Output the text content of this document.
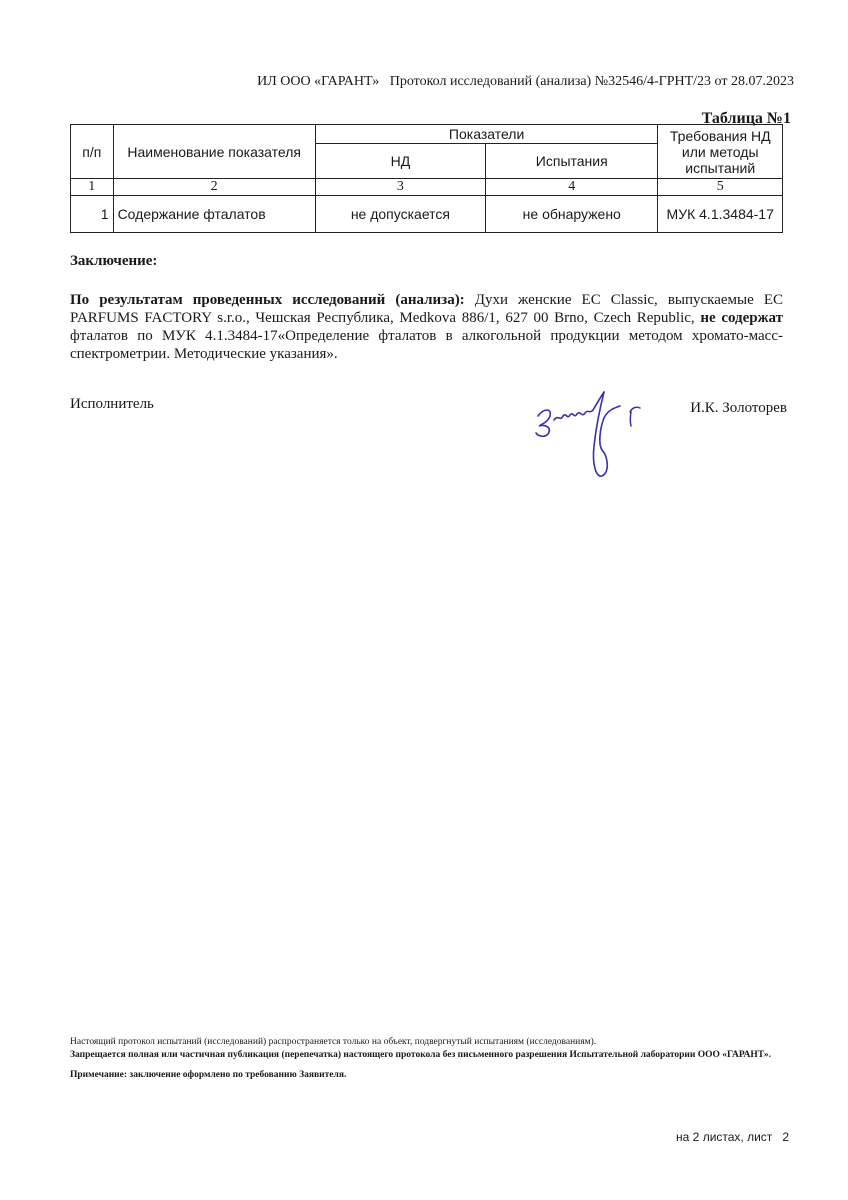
ИЛ ООО «ГАРАНТ» Протокол исследований (анализа) №32546/4-ГРНТ/23 от 28.07.2023
Таблица №1
п/п	Наименование показателя	Показатели		Требования НД или методы испытаний
		НД	Испытания	
1	2	3	4	5
1	Содержание фталатов	не допускается	не обнаружено	МУК 4.1.3484-17
Заключение:
По результатам проведенных исследований (анализа): Духи женские EC Classic, выпускаемые EC PARFUMS FACTORY s.r.o., Чешская Республика, Medkova 886/1, 627 00 Brno, Czech Republic, не содержат фталатов по МУК 4.1.3484-17«Определение фталатов в алкогольной продукции методом хромато-масс-спектрометрии. Методические указания».
Исполнитель	И.К. Золоторев

Настоящий протокол испытаний (исследований) распространяется только на объект, подвергнутый испытаниям (исследованиям).

Запрещается полная или частичная публикация (перепечатка) настоящего протокола без письменного разрешения Испытательной лаборатории ООО «ГАРАНТ».

Примечание: заключение оформлено по требованию Заявителя.

на 2 листах, лист 2
